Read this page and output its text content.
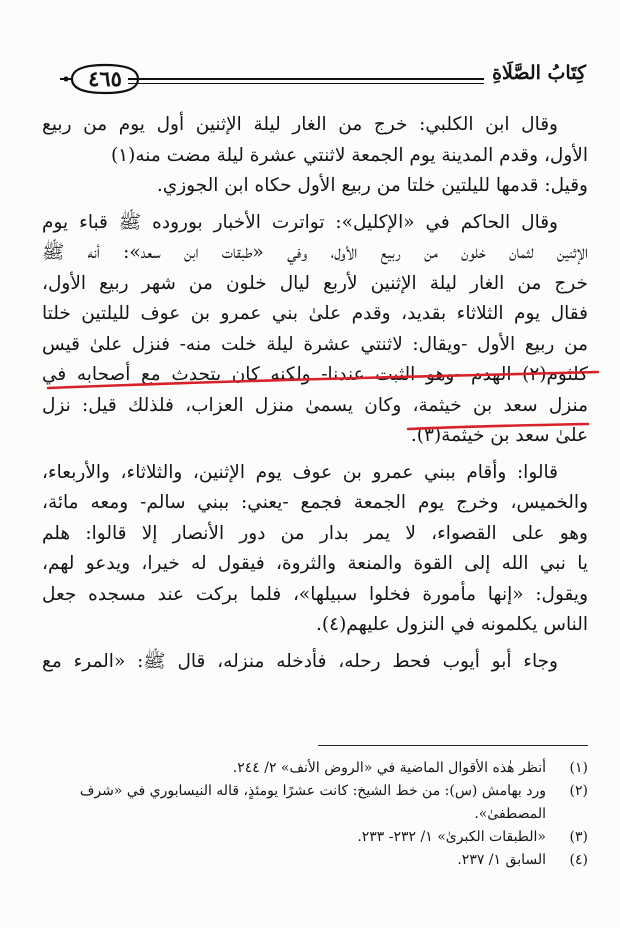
٤٦٥	كِتَابُ الصَّلَاةِ
وقال ابن الكلبي: خرج من الغار ليلة الإثنين أول يوم من ربيع
الأول، وقدم المدينة يوم الجمعة لاثنتي عشرة ليلة مضت منه(١)
وقيل: قدمها لليلتين خلتا من ربيع الأول حكاه ابن الجوزي.
وقال الحاكم في «الإكليل»: تواترت الأخبار بوروده ﷺ قباء يوم
الإثنين لثمان خلون من ربيع الأول، وفي «طبقات ابن سعد»: أنه ﷺ
خرج من الغار ليلة الإثنين لأربع ليال خلون من شهر ربيع الأول،
فقال يوم الثلاثاء بقديد، وقدم علىٰ بني عمرو بن عوف لليلتين خلتا
من ربيع الأول -ويقال: لاثنتي عشرة ليلة خلت منه- فنزل علىٰ قيس
كلثوم(٢) الهدم -وهو الثبت عندنا- ولكنه كان يتحدث مع أصحابه في
منزل سعد بن خيثمة، وكان يسمىٰ منزل العزاب، فلذلك قيل: نزل
علىٰ سعد بن خيثمة(٣).
قالوا: وأقام ببني عمرو بن عوف يوم الإثنين، والثلاثاء، والأربعاء،
والخميس، وخرج يوم الجمعة فجمع -يعني: ببني سالم- ومعه مائة،
وهو على القصواء، لا يمر بدار من دور الأنصار إلا قالوا: هلم
يا نبي الله إلى القوة والمنعة والثروة، فيقول له خيرا، ويدعو لهم،
ويقول: «إنها مأمورة فخلوا سبيلها»، فلما بركت عند مسجده جعل
الناس يكلمونه في النزول عليهم(٤).
وجاء أبو أيوب فحط رحله، فأدخله منزله، قال ﷺ: «المرء مع
(١)
أنظر هٰذه الأقوال الماضية في «الروض الأنف» ٢/ ٢٤٤.
(٢)
ورد بهامش (س): من خط الشيخ: كانت عشرًا يومئذٍ، قاله النيسابوري في «شرف المصطفىٰ».
(٣)
«الطبقات الكبرىٰ» ١/ ٢٣٢- ٢٣٣.
(٤)
السابق ١/ ٢٣٧.
